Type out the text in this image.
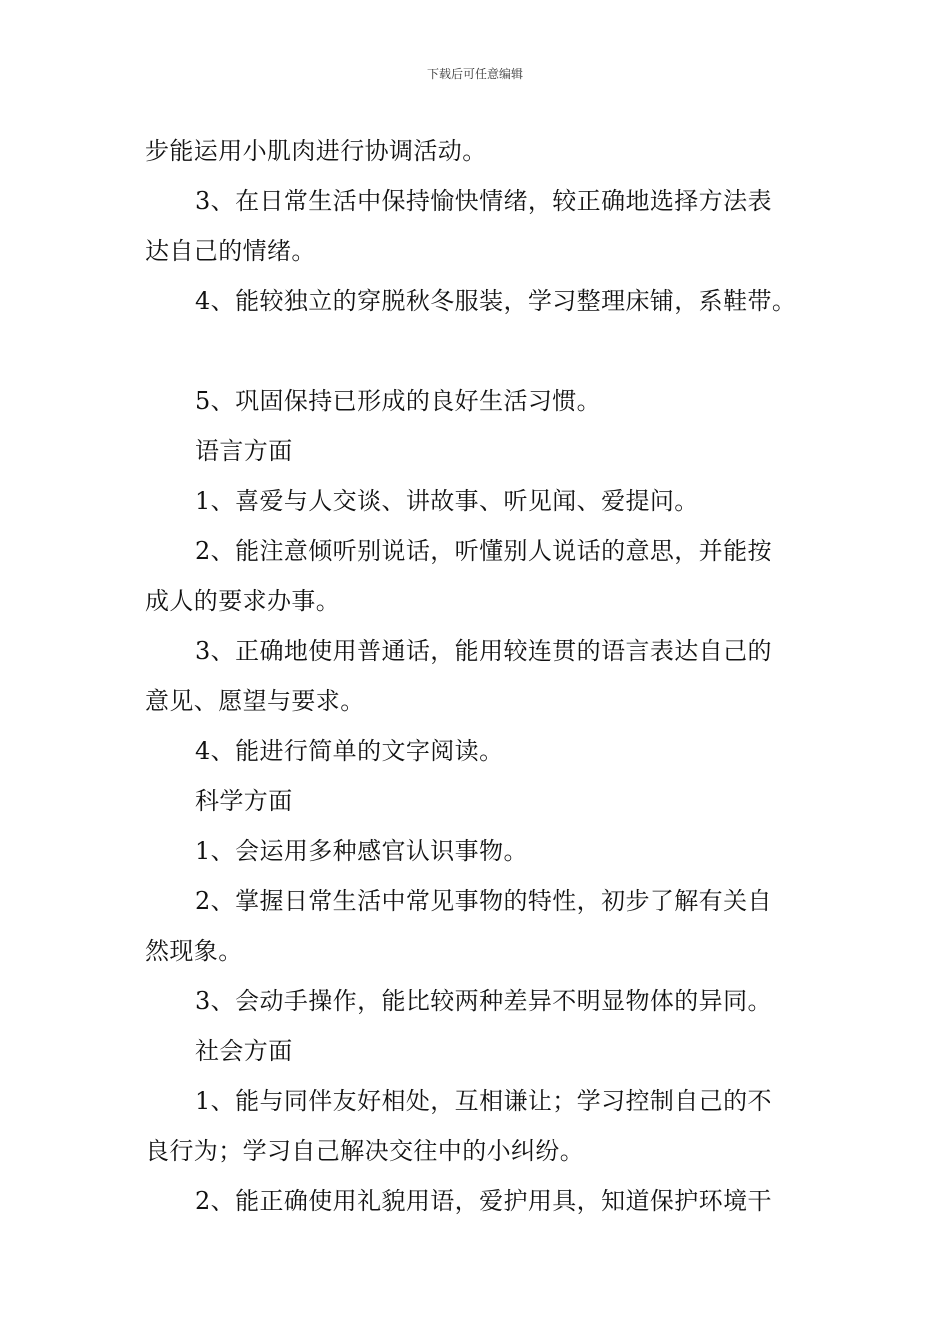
下载后可任意编辑
步能运用小肌肉进行协调活动。
3、在日常生活中保持愉快情绪，较正确地选择方法表
达自己的情绪。
4、能较独立的穿脱秋冬服装，学习整理床铺，系鞋带。
5、巩固保持已形成的良好生活习惯。
语言方面
1、喜爱与人交谈、讲故事、听见闻、爱提问。
2、能注意倾听别说话，听懂别人说话的意思，并能按
成人的要求办事。
3、正确地使用普通话，能用较连贯的语言表达自己的
意见、愿望与要求。
4、能进行简单的文字阅读。
科学方面
1、会运用多种感官认识事物。
2、掌握日常生活中常见事物的特性，初步了解有关自
然现象。
3、会动手操作，能比较两种差异不明显物体的异同。
社会方面
1、能与同伴友好相处，互相谦让；学习控制自己的不
良行为；学习自己解决交往中的小纠纷。
2、能正确使用礼貌用语，爱护用具，知道保护环境干
